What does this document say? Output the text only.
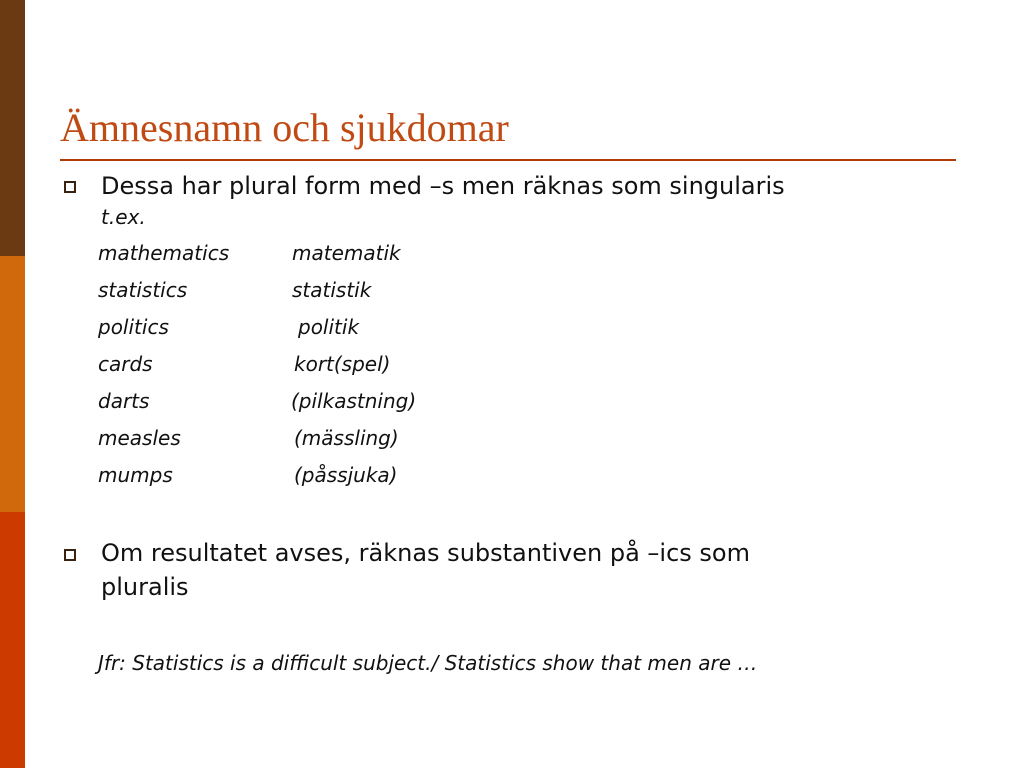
Ämnesnamn och sjukdomar
Dessa har plural form med –s men räknas som singularis
t.ex.
mathematics	matematik
statistics	statistik
politics	politik
cards	kort(spel)
darts	(pilkastning)
measles	(mässling)
mumps	(påssjuka)
Om resultatet avses, räknas substantiven på –ics som
pluralis
Jfr: Statistics is a difficult subject./ Statistics show that men are …
